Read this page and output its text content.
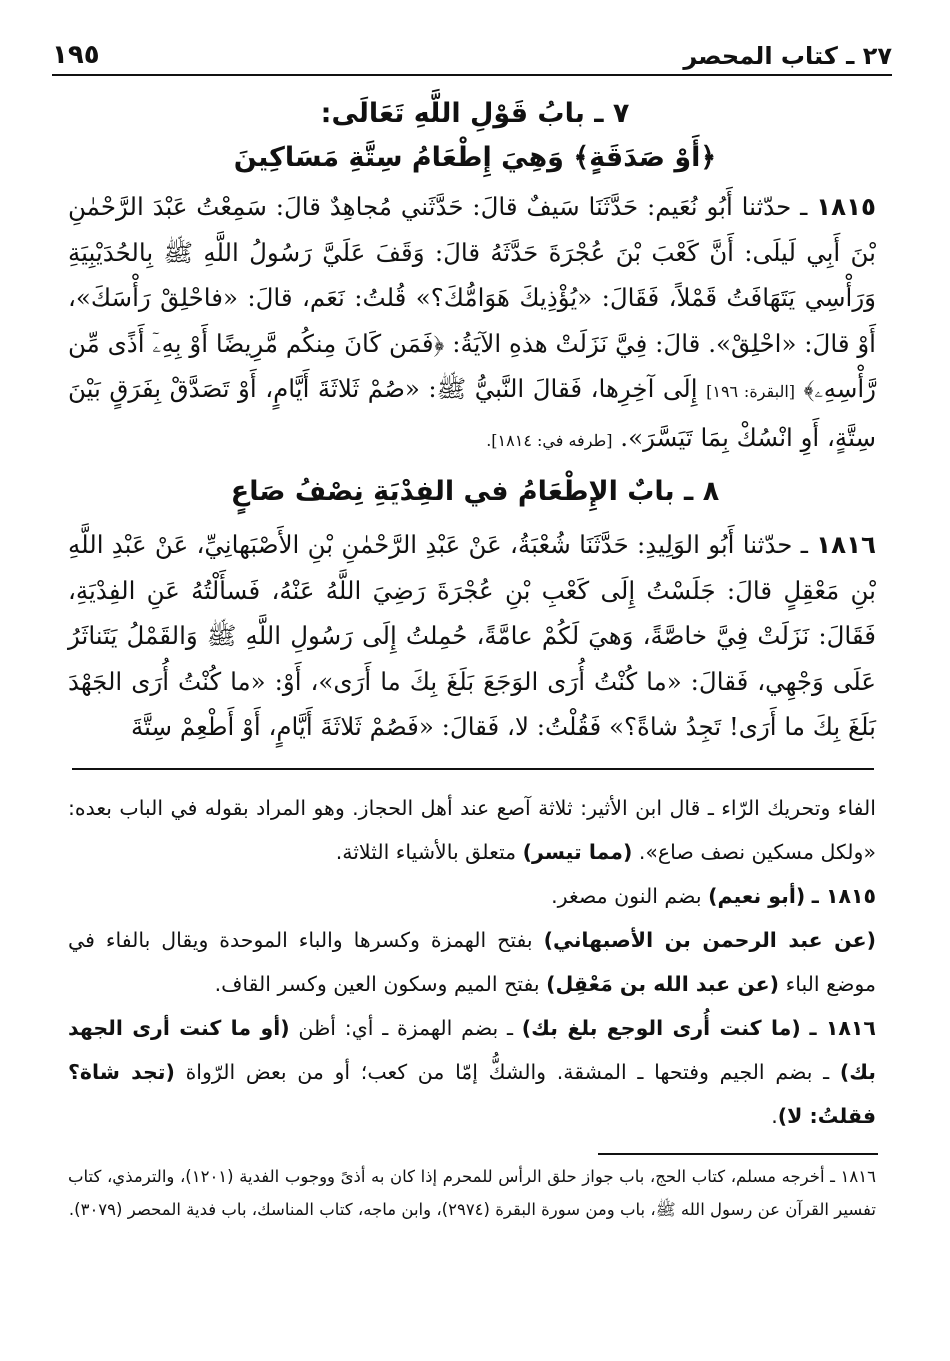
٢٧ ـ كتاب المحصر
١٩٥
٧ ـ بابُ قَوْلِ اللَّهِ تَعَالَى:
﴿أَوْ صَدَقَةٍ﴾ وَهِيَ إِطْعَامُ سِتَّةِ مَسَاكِينَ
١٨١٥ ـ حدّثنا أَبُو نُعَيم: حَدَّثَنَا سَيفٌ قالَ: حَدَّثَني مُجاهِدٌ قالَ: سَمِعْتُ عَبْدَ الرَّحْمٰنِ بْنَ أَبِي لَيلَى: أَنَّ كَعْبَ بْنَ عُجْرَةَ حَدَّثَهُ قالَ: وَقَفَ عَلَيَّ رَسُولُ اللَّهِ ﷺ بِالحُدَيْبِيَةِ وَرَأْسِي يَتَهَافَتُ قَمْلاً، فَقَالَ: «يُؤْذِيكَ هَوَامُّكَ؟» قُلتُ: نَعَم، قالَ: «فاحْلِقْ رَأْسَكَ»، أَوْ قالَ: «احْلِقْ». قالَ: فِيَّ نَزَلَتْ هذهِ الآيَةُ: ﴿فَمَن كَانَ مِنكُم مَّرِيضًا أَوْ بِهِۦٓ أَذًى مِّن رَّأْسِهِۦ﴾ [البقرة: ١٩٦] إِلَى آخِرِها، فَقالَ النَّبيُّ ﷺ: «صُمْ ثَلاثَةَ أَيَّامٍ، أَوْ تَصَدَّقْ بِفَرَقٍ بَيْنَ سِتَّةٍ، أَوِ انْسُكْ بِمَا تَيَسَّرَ». [طرفه في: ١٨١٤].
٨ ـ بابٌ الإِطْعَامُ في الفِدْيَةِ نِصْفُ صَاعٍ
١٨١٦ ـ حدّثنا أَبُو الوَلِيدِ: حَدَّثَنَا شُعْبَةُ، عَنْ عَبْدِ الرَّحْمٰنِ بْنِ الأَصْبَهانِيِّ، عَنْ عَبْدِ اللَّهِ بْنِ مَعْقِلٍ قالَ: جَلَسْتُ إِلَى كَعْبِ بْنِ عُجْرَةَ رَضِيَ اللَّهُ عَنْهُ، فَسأَلْتُهُ عَنِ الفِدْيَةِ، فَقَالَ: نَزَلَتْ فِيَّ خاصَّةً، وَهيَ لَكُمْ عامَّةً، حُمِلتُ إِلَى رَسُولِ اللَّهِ ﷺ وَالقَمْلُ يَتَناثَرُ عَلَى وَجْهِي، فَقالَ: «ما كُنْتُ أُرَى الوَجَعَ بَلَغَ بِكَ ما أَرَى»، أَوْ: «ما كُنْتُ أُرَى الجَهْدَ بَلَغَ بِكَ ما أَرَى! تَجِدُ شاةً؟» فَقُلْتُ: لا، فَقالَ: «فَصُمْ ثَلاثَةَ أَيَّامٍ، أَوْ أَطْعِمْ سِتَّةَ

الفاء وتحريك الرّاء ـ قال ابن الأثير: ثلاثة آصع عند أهل الحجاز. وهو المراد بقوله في الباب بعده: «ولكل مسكين نصف صاع». (مما تيسر) متعلق بالأشياء الثلاثة.

١٨١٥ ـ (أبو نعيم) بضم النون مصغر.

(عن عبد الرحمن بن الأصبهاني) بفتح الهمزة وكسرها والباء الموحدة ويقال بالفاء في موضع الباء (عن عبد الله بن مَعْقِل) بفتح الميم وسكون العين وكسر القاف.

١٨١٦ ـ (ما كنت أُرى الوجع بلغ بك) ـ بضم الهمزة ـ أي: أظن (أو ما كنت أرى الجهد بك) ـ بضم الجيم وفتحها ـ المشقة. والشكُّ إمّا من كعب؛ أو من بعض الرّواة (تجد شاة؟ فقلتُ: لا).

١٨١٦ ـ أخرجه مسلم، كتاب الحج، باب جواز حلق الرأس للمحرم إذا كان به أذىً ووجوب الفدية (١٢٠١)، والترمذي، كتاب تفسير القرآن عن رسول الله ﷺ، باب ومن سورة البقرة (٢٩٧٤)، وابن ماجه، كتاب المناسك، باب فدية المحصر (٣٠٧٩).
